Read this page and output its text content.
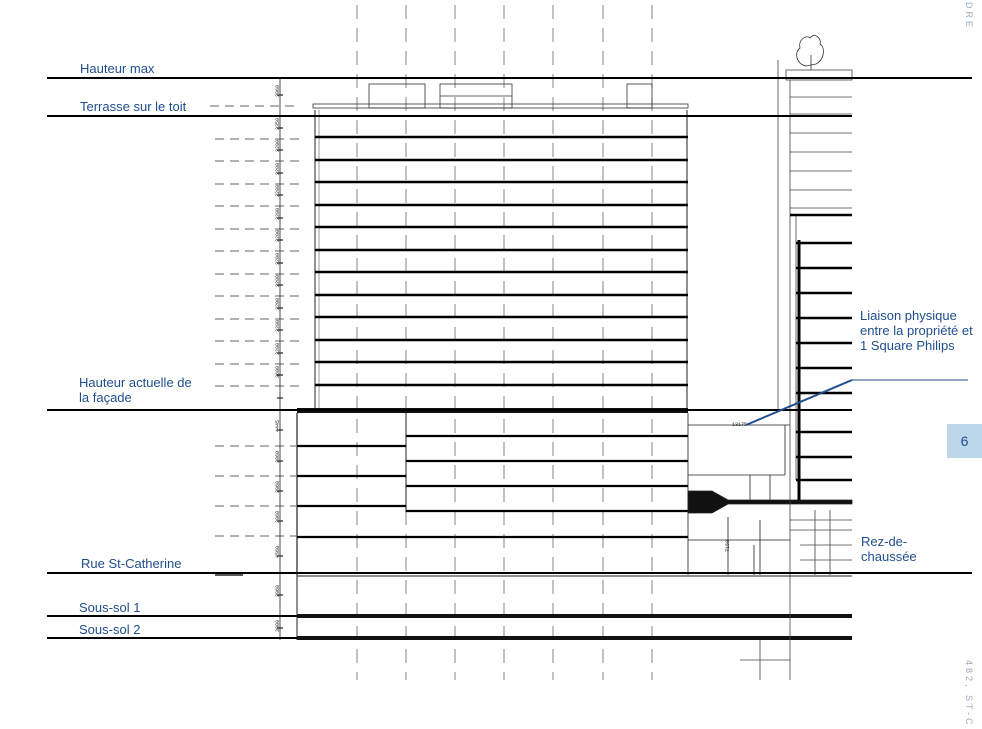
3960
3350
3200
3200
3200
3200
3200
3200
3200
3200
3200
3200
3600
4445
3960
3960
3960
4560
3960
3000
13175
7150
Hauteur max
Terrasse sur le toit
Hauteur actuelle de la façade
Rue St-Catherine
Sous-sol 1
Sous-sol 2
Liaison physique entre la propriété et 1 Square Philips
Rez-de-chaussée
6
DRE
482, ST-C
